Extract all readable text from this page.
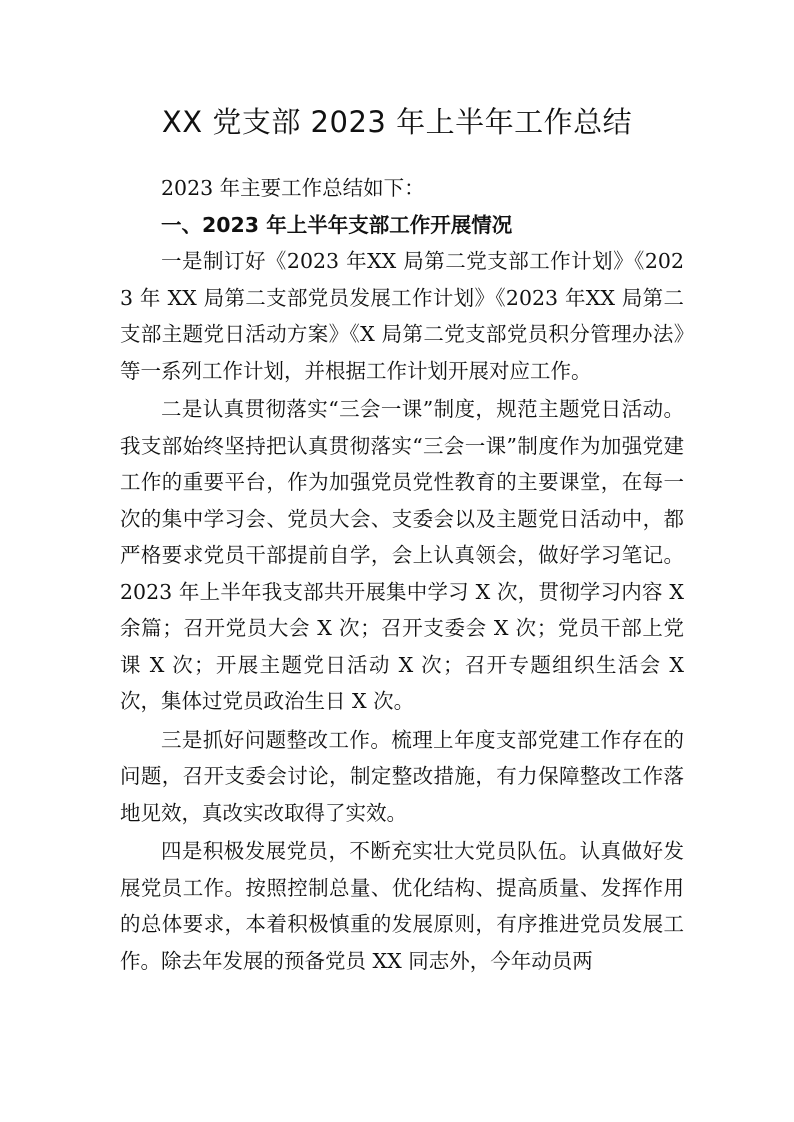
XX 党支部 2023 年上半年工作总结

2023 年主要工作总结如下：

一、2023 年上半年支部工作开展情况

一是制订好《2023 年XX 局第二党支部工作计划》《2023 年 XX 局第二支部党员发展工作计划》《2023 年XX 局第二支部主题党日活动方案》《X 局第二党支部党员积分管理办法》等一系列工作计划，并根据工作计划开展对应工作。

二是认真贯彻落实“三会一课”制度，规范主题党日活动。我支部始终坚持把认真贯彻落实“三会一课”制度作为加强党建工作的重要平台，作为加强党员党性教育的主要课堂，在每一次的集中学习会、党员大会、支委会以及主题党日活动中，都严格要求党员干部提前自学，会上认真领会，做好学习笔记。2023 年上半年我支部共开展集中学习 X 次，贯彻学习内容 X 余篇；召开党员大会 X 次；召开支委会 X 次；党员干部上党课 X 次；开展主题党日活动 X 次；召开专题组织生活会 X 次，集体过党员政治生日 X 次。

三是抓好问题整改工作。梳理上年度支部党建工作存在的问题，召开支委会讨论，制定整改措施，有力保障整改工作落地见效，真改实改取得了实效。

四是积极发展党员，不断充实壮大党员队伍。认真做好发展党员工作。按照控制总量、优化结构、提高质量、发挥作用的总体要求，本着积极慎重的发展原则，有序推进党员发展工作。除去年发展的预备党员 XX 同志外，今年动员两
